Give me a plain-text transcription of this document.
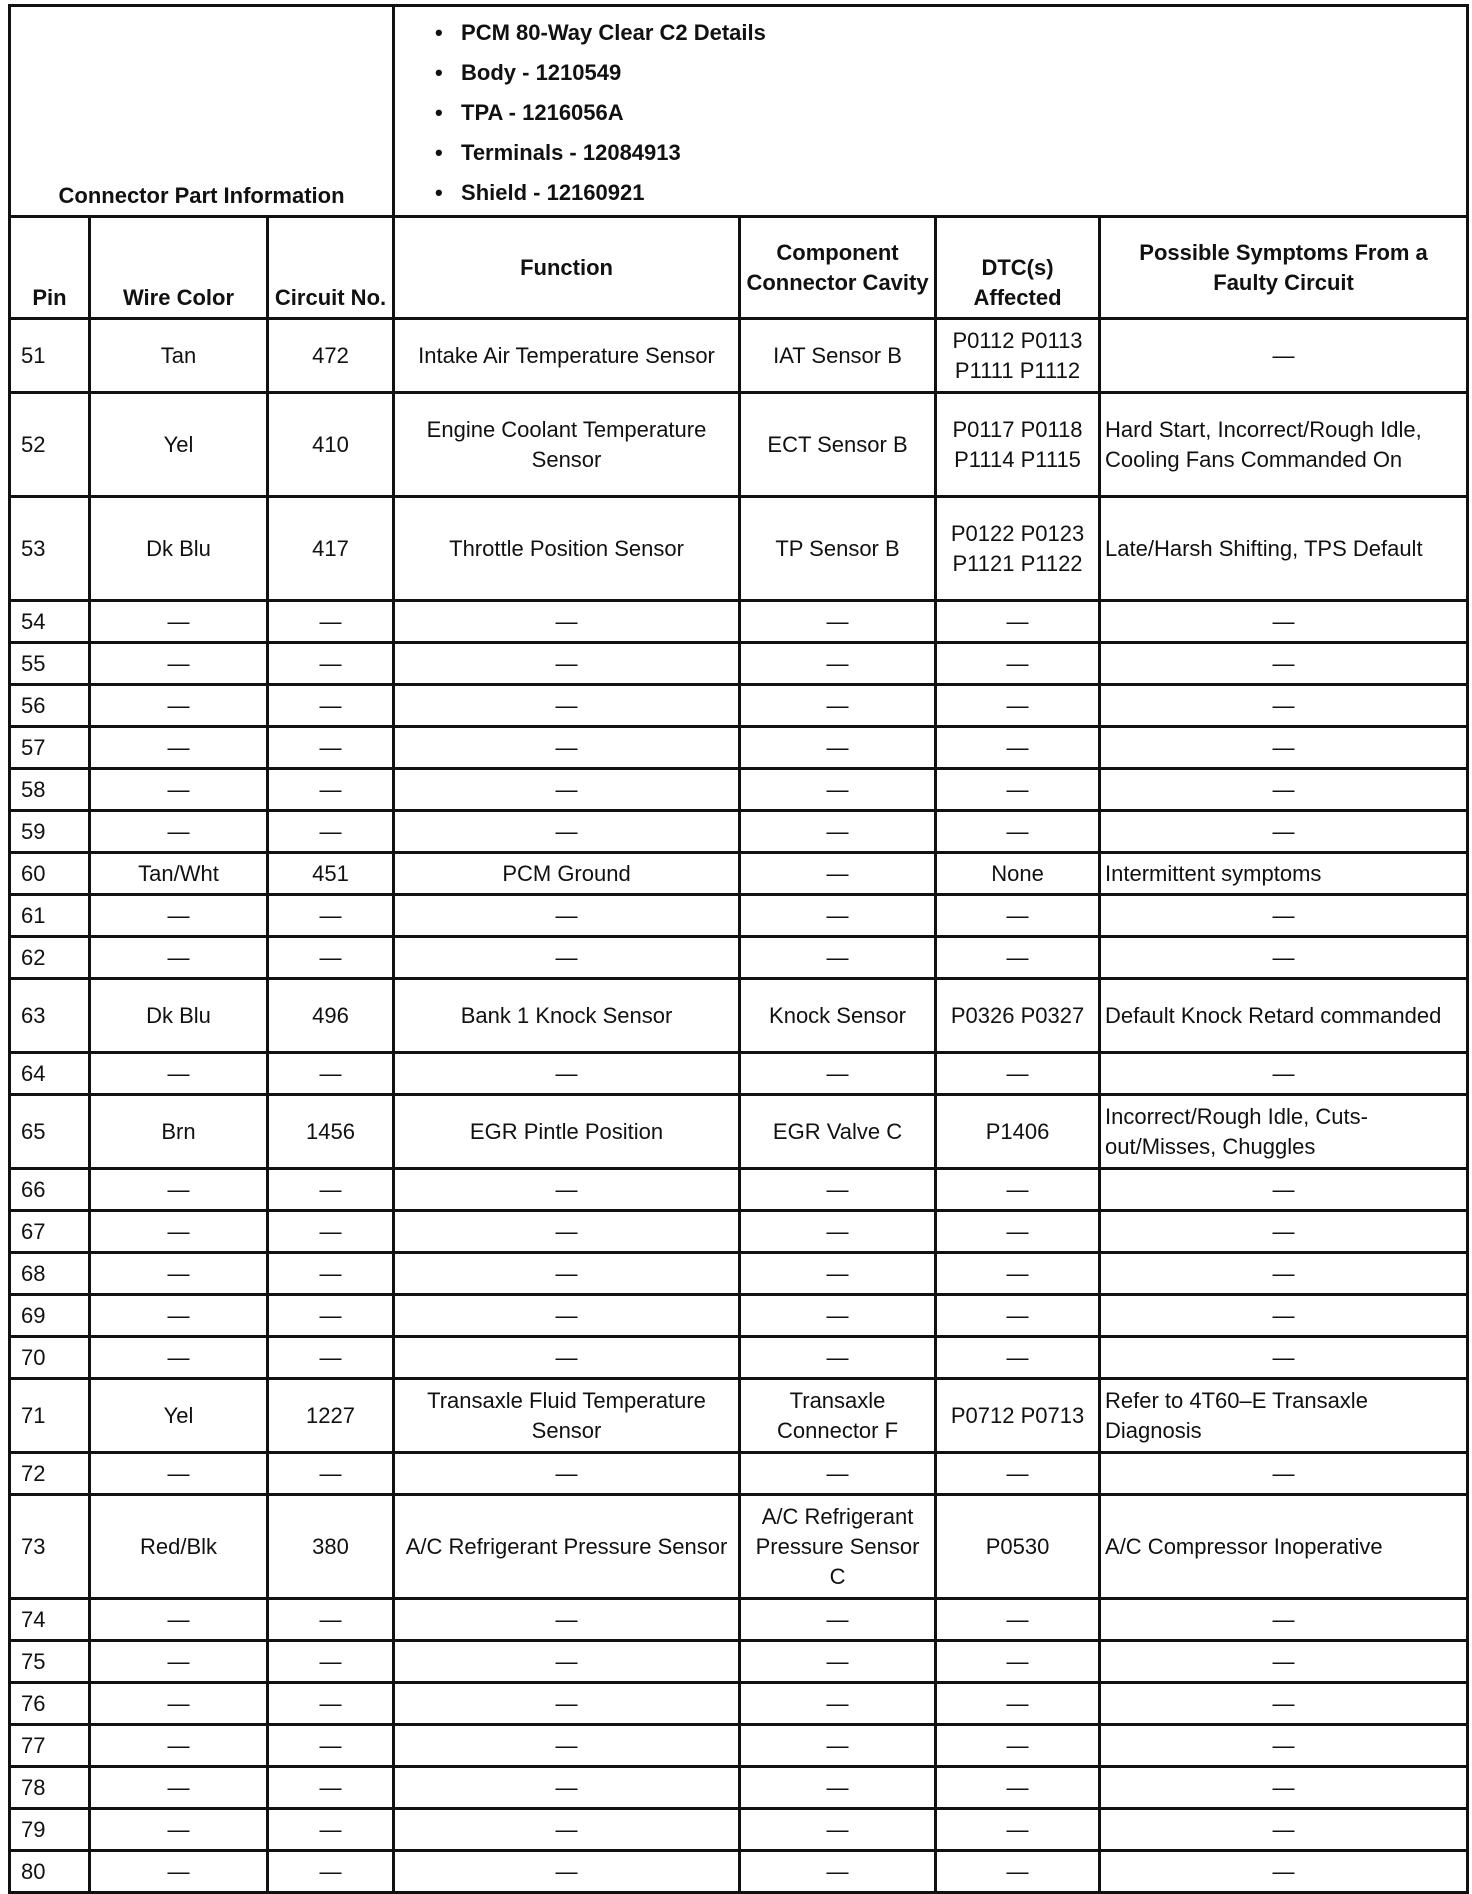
Connector Part Information			• PCM 80-Way Clear C2 Details
• Body - 1210549
• TPA - 1216056A
• Terminals - 12084913
• Shield - 12160921			

Pin	Wire Color	Circuit No.	Function	Component Connector Cavity	DTC(s) Affected	Possible Symptoms From a Faulty Circuit
51	Tan	472	Intake Air Temperature Sensor	IAT Sensor B	P0112 P0113 P1111 P1112	—
52	Yel	410	Engine Coolant Temperature Sensor	ECT Sensor B	P0117 P0118 P1114 P1115	Hard Start, Incorrect/Rough Idle, Cooling Fans Commanded On
53	Dk Blu	417	Throttle Position Sensor	TP Sensor B	P0122 P0123 P1121 P1122	Late/Harsh Shifting, TPS Default
54	—	—	—	—	—	—
55	—	—	—	—	—	—
56	—	—	—	—	—	—
57	—	—	—	—	—	—
58	—	—	—	—	—	—
59	—	—	—	—	—	—
60	Tan/Wht	451	PCM Ground	—	None	Intermittent symptoms
61	—	—	—	—	—	—
62	—	—	—	—	—	—
63	Dk Blu	496	Bank 1 Knock Sensor	Knock Sensor	P0326 P0327	Default Knock Retard commanded
64	—	—	—	—	—	—
65	Brn	1456	EGR Pintle Position	EGR Valve C	P1406	Incorrect/Rough Idle, Cuts-out/Misses, Chuggles
66	—	—	—	—	—	—
67	—	—	—	—	—	—
68	—	—	—	—	—	—
69	—	—	—	—	—	—
70	—	—	—	—	—	—
71	Yel	1227	Transaxle Fluid Temperature Sensor	Transaxle Connector F	P0712 P0713	Refer to 4T60–E Transaxle Diagnosis
72	—	—	—	—	—	—
73	Red/Blk	380	A/C Refrigerant Pressure Sensor	A/C Refrigerant Pressure Sensor C	P0530	A/C Compressor Inoperative
74	—	—	—	—	—	—
75	—	—	—	—	—	—
76	—	—	—	—	—	—
77	—	—	—	—	—	—
78	—	—	—	—	—	—
79	—	—	—	—	—	—
80	—	—	—	—	—	—
